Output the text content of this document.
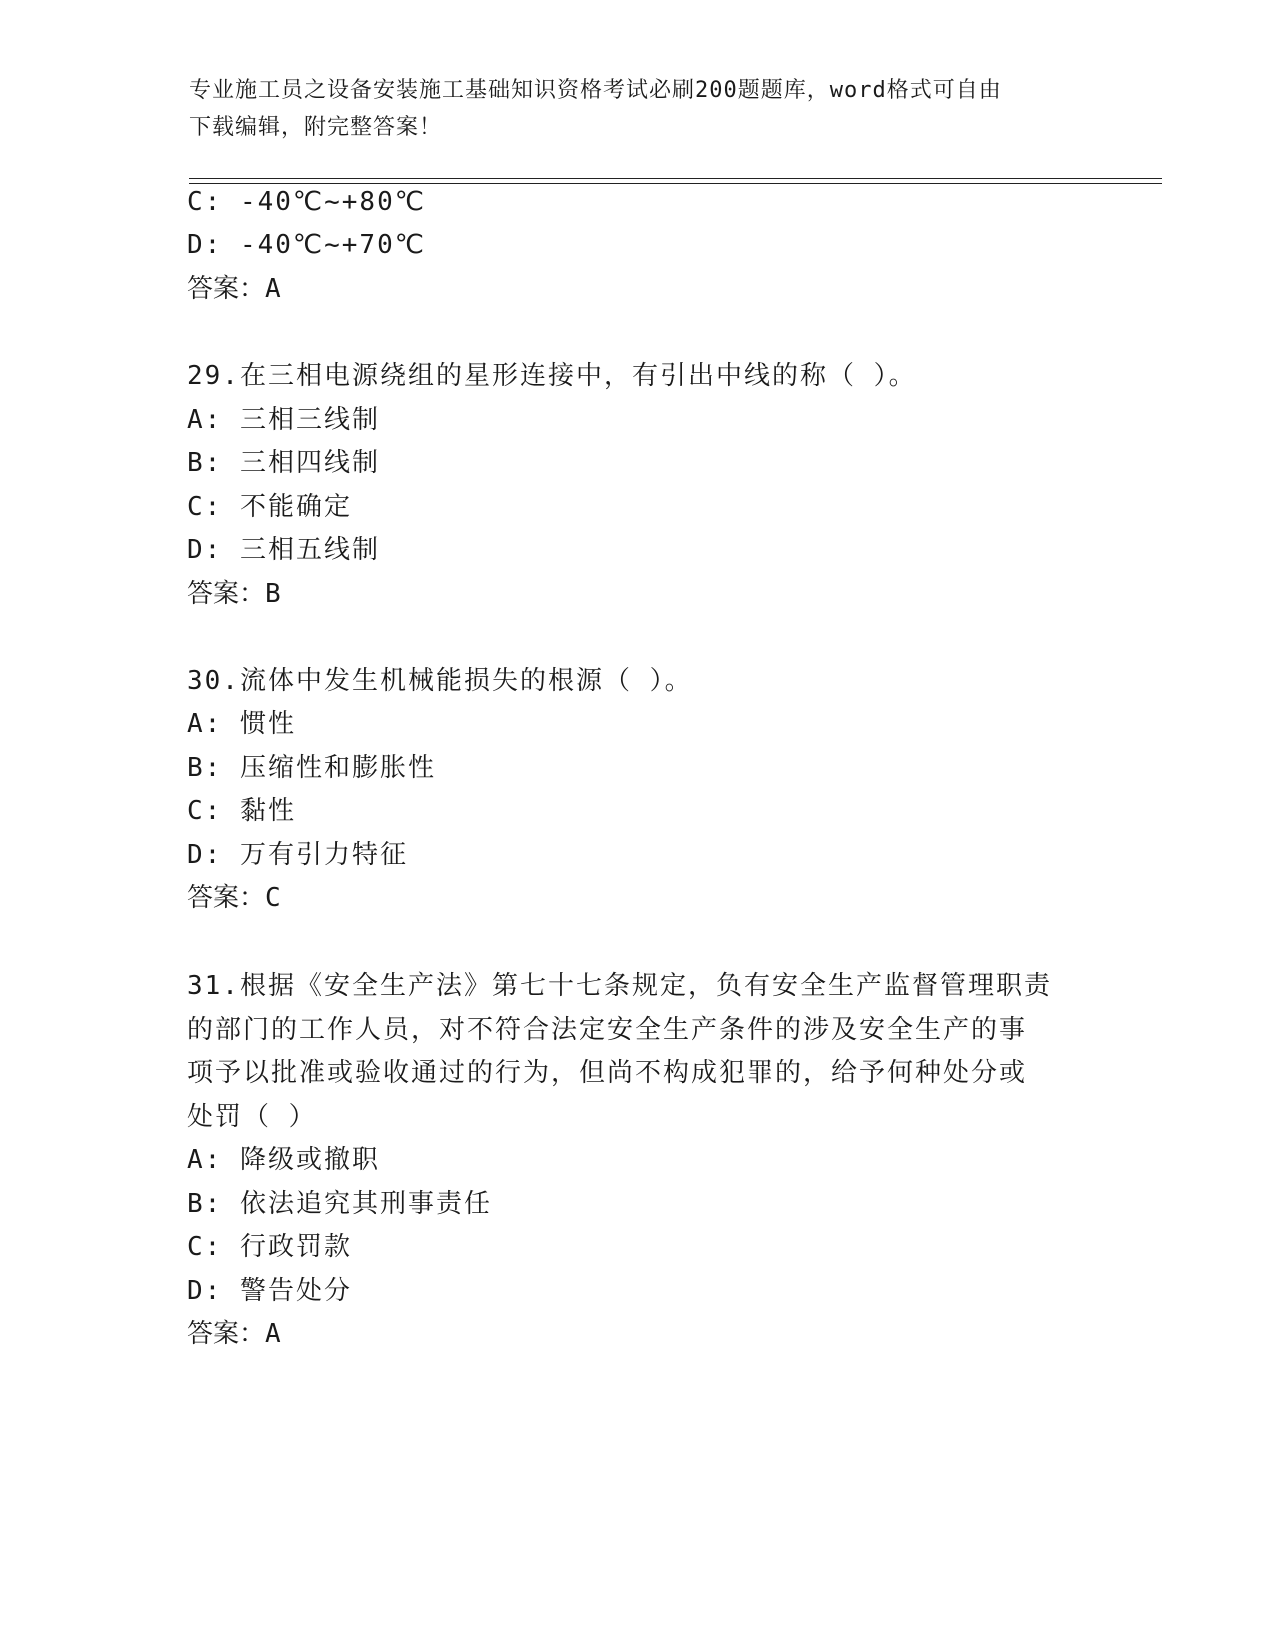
专业施工员之设备安装施工基础知识资格考试必刷200题题库，word格式可自由
下载编辑，附完整答案！
C: -40℃~+80℃
D: -40℃~+70℃
答案：A
29.在三相电源绕组的星形连接中，有引出中线的称（ ）。
A: 三相三线制
B: 三相四线制
C: 不能确定
D: 三相五线制
答案：B
30.流体中发生机械能损失的根源（ ）。
A: 惯性
B: 压缩性和膨胀性
C: 黏性
D: 万有引力特征
答案：C
31.根据《安全生产法》第七十七条规定，负有安全生产监督管理职责
的部门的工作人员，对不符合法定安全生产条件的涉及安全生产的事
项予以批准或验收通过的行为，但尚不构成犯罪的，给予何种处分或
处罚（ ）
A: 降级或撤职
B: 依法追究其刑事责任
C: 行政罚款
D: 警告处分
答案：A
